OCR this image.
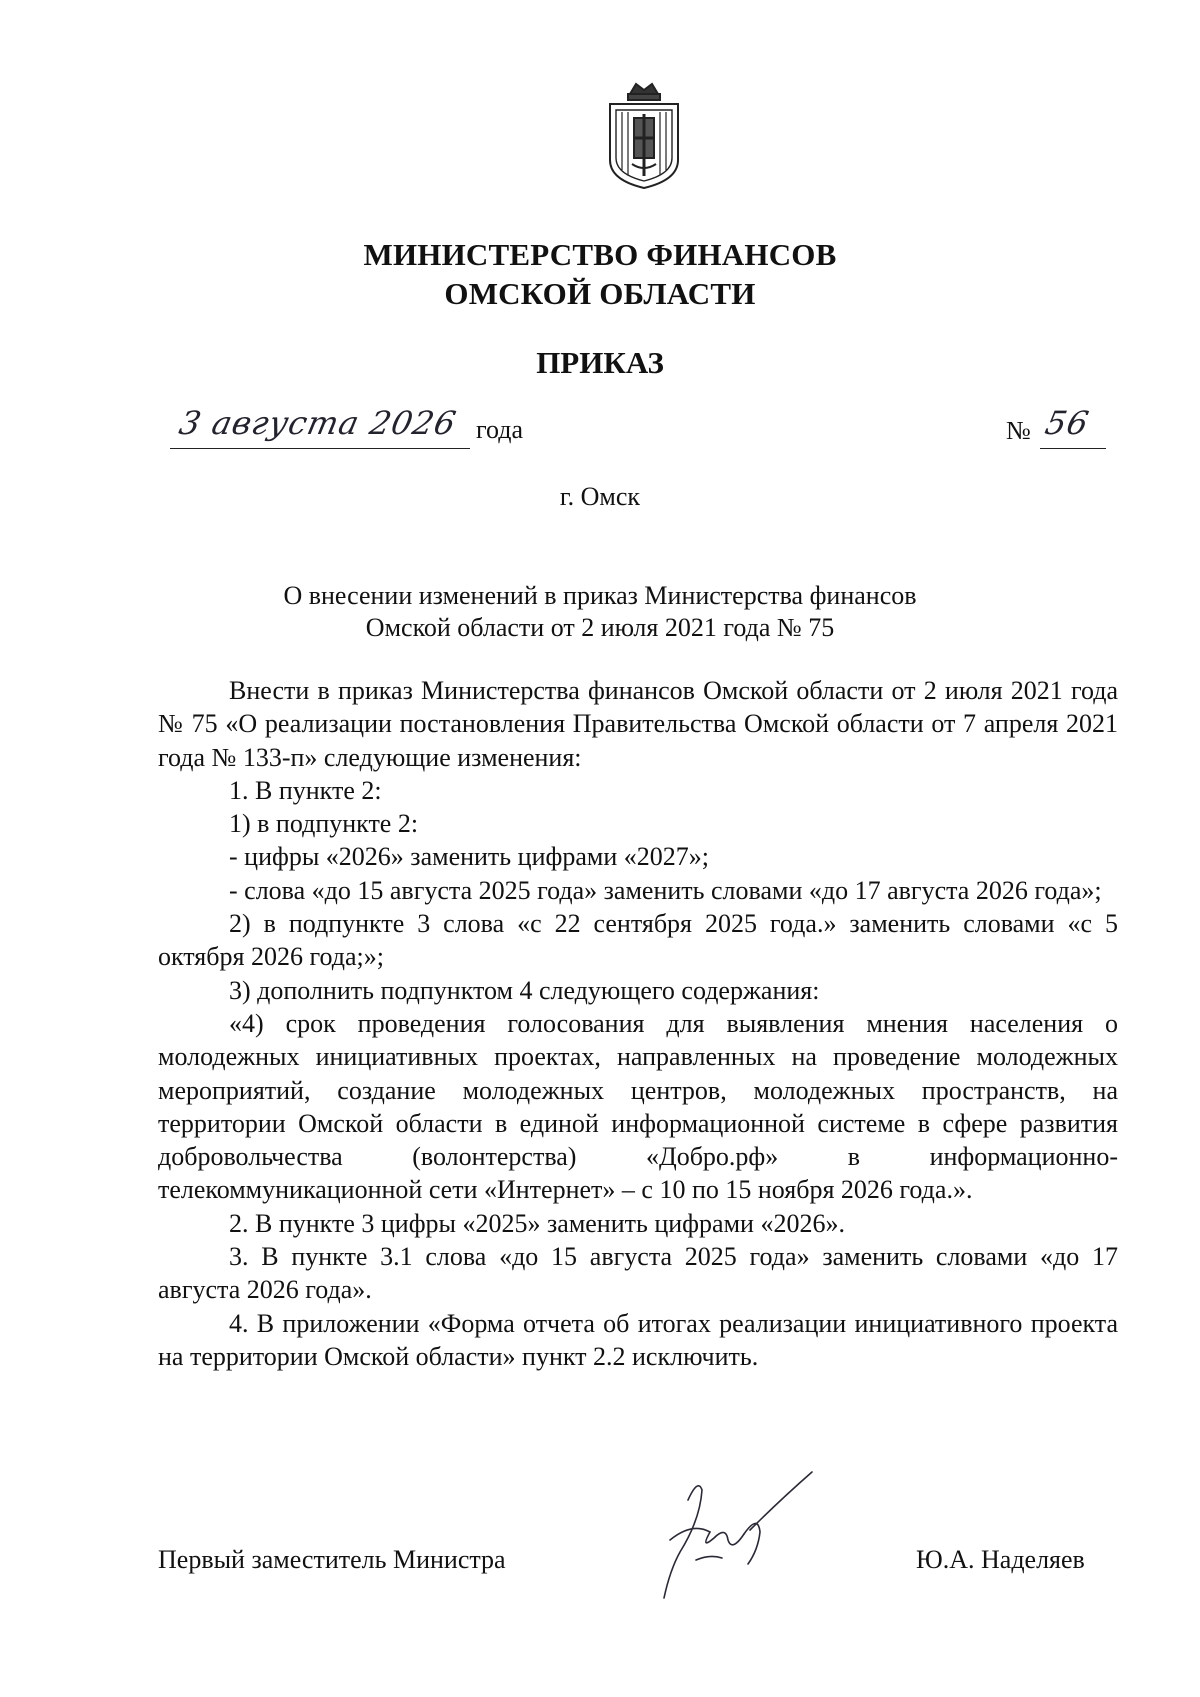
МИНИСТЕРСТВО ФИНАНСОВ
ОМСКОЙ ОБЛАСТИ
ПРИКАЗ
3 августа 2026 года	№ 56
г. Омск
О внесении изменений в приказ Министерства финансов
Омской области от 2 июля 2021 года № 75

Внести в приказ Министерства финансов Омской области от 2 июля 2021 года № 75 «О реализации постановления Правительства Омской области от 7 апреля 2021 года № 133-п» следующие изменения:

1. В пункте 2:

1) в подпункте 2:

- цифры «2026» заменить цифрами «2027»;

- слова «до 15 августа 2025 года» заменить словами «до 17 августа 2026 года»;

2) в подпункте 3 слова «с 22 сентября 2025 года.» заменить словами «с 5 октября 2026 года;»;

3) дополнить подпунктом 4 следующего содержания:

«4) срок проведения голосования для выявления мнения населения о молодежных инициативных проектах, направленных на проведение молодежных мероприятий, создание молодежных центров, молодежных пространств, на территории Омской области в единой информационной системе в сфере развития добровольчества (волонтерства) «Добро.рф» в информационно-телекоммуникационной сети «Интернет» – с 10 по 15 ноября 2026 года.».

2. В пункте 3 цифры «2025» заменить цифрами «2026».

3. В пункте 3.1 слова «до 15 августа 2025 года» заменить словами «до 17 августа 2026 года».

4. В приложении «Форма отчета об итогах реализации инициативного проекта на территории Омской области» пункт 2.2 исключить.

Первый заместитель Министра	Ю.А. Наделяев
